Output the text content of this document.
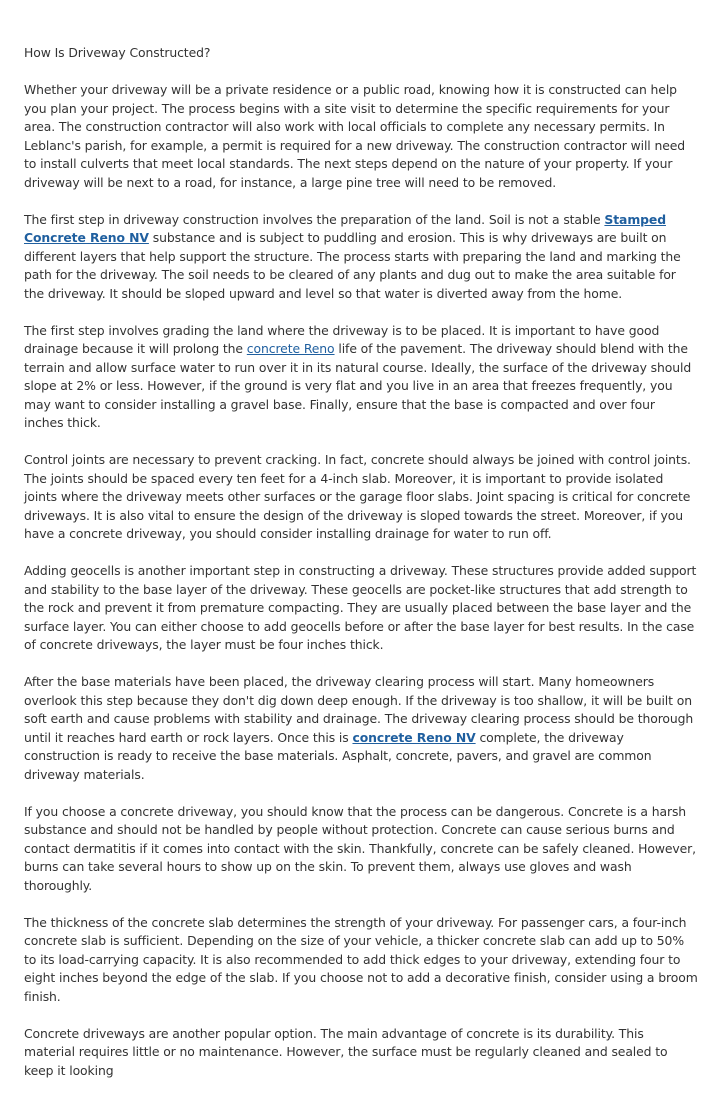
How Is Driveway Constructed?

Whether your driveway will be a private residence or a public road, knowing how it is constructed can help you plan your project. The process begins with a site visit to determine the specific requirements for your area. The construction contractor will also work with local officials to complete any necessary permits. In Leblanc's parish, for example, a permit is required for a new driveway. The construction contractor will need to install culverts that meet local standards. The next steps depend on the nature of your property. If your driveway will be next to a road, for instance, a large pine tree will need to be removed.

The first step in driveway construction involves the preparation of the land. Soil is not a stable Stamped Concrete Reno NV substance and is subject to puddling and erosion. This is why driveways are built on different layers that help support the structure. The process starts with preparing the land and marking the path for the driveway. The soil needs to be cleared of any plants and dug out to make the area suitable for the driveway. It should be sloped upward and level so that water is diverted away from the home.

The first step involves grading the land where the driveway is to be placed. It is important to have good drainage because it will prolong the concrete Reno life of the pavement. The driveway should blend with the terrain and allow surface water to run over it in its natural course. Ideally, the surface of the driveway should slope at 2% or less. However, if the ground is very flat and you live in an area that freezes frequently, you may want to consider installing a gravel base. Finally, ensure that the base is compacted and over four inches thick.

Control joints are necessary to prevent cracking. In fact, concrete should always be joined with control joints. The joints should be spaced every ten feet for a 4-inch slab. Moreover, it is important to provide isolated joints where the driveway meets other surfaces or the garage floor slabs. Joint spacing is critical for concrete driveways. It is also vital to ensure the design of the driveway is sloped towards the street. Moreover, if you have a concrete driveway, you should consider installing drainage for water to run off.

Adding geocells is another important step in constructing a driveway. These structures provide added support and stability to the base layer of the driveway. These geocells are pocket-like structures that add strength to the rock and prevent it from premature compacting. They are usually placed between the base layer and the surface layer. You can either choose to add geocells before or after the base layer for best results. In the case of concrete driveways, the layer must be four inches thick.

After the base materials have been placed, the driveway clearing process will start. Many homeowners overlook this step because they don't dig down deep enough. If the driveway is too shallow, it will be built on soft earth and cause problems with stability and drainage. The driveway clearing process should be thorough until it reaches hard earth or rock layers. Once this is concrete Reno NV complete, the driveway construction is ready to receive the base materials. Asphalt, concrete, pavers, and gravel are common driveway materials.

If you choose a concrete driveway, you should know that the process can be dangerous. Concrete is a harsh substance and should not be handled by people without protection. Concrete can cause serious burns and contact dermatitis if it comes into contact with the skin. Thankfully, concrete can be safely cleaned. However, burns can take several hours to show up on the skin. To prevent them, always use gloves and wash thoroughly.

The thickness of the concrete slab determines the strength of your driveway. For passenger cars, a four-inch concrete slab is sufficient. Depending on the size of your vehicle, a thicker concrete slab can add up to 50% to its load-carrying capacity. It is also recommended to add thick edges to your driveway, extending four to eight inches beyond the edge of the slab. If you choose not to add a decorative finish, consider using a broom finish.

Concrete driveways are another popular option. The main advantage of concrete is its durability. This material requires little or no maintenance. However, the surface must be regularly cleaned and sealed to keep it looking
